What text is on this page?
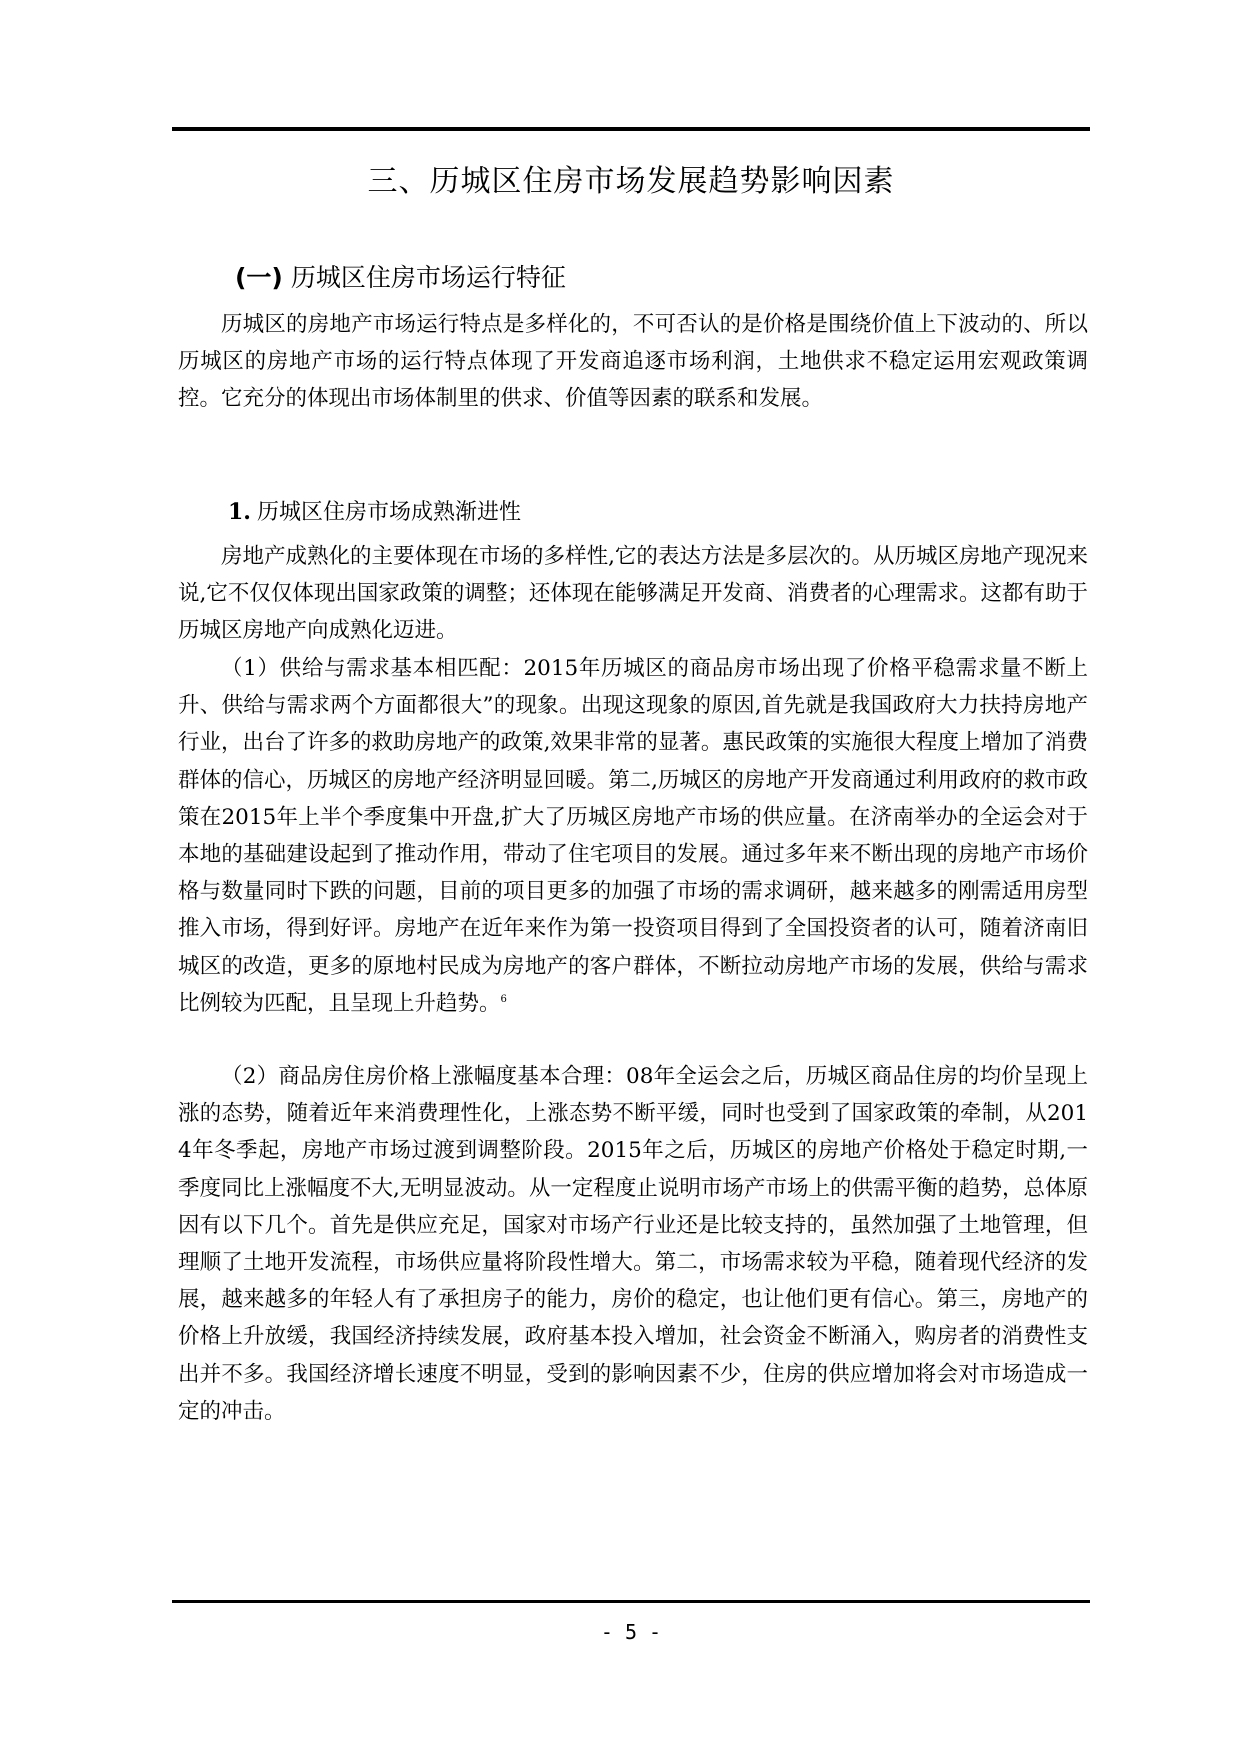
三、历城区住房市场发展趋势影响因素
(一) 历城区住房市场运行特征

历城区的房地产市场运行特点是多样化的，不可否认的是价格是围绕价值上下波动的、所以历城区的房地产市场的运行特点体现了开发商追逐市场利润，土地供求不稳定运用宏观政策调控。它充分的体现出市场体制里的供求、价值等因素的联系和发展。

1. 历城区住房市场成熟渐进性

房地产成熟化的主要体现在市场的多样性,它的表达方法是多层次的。从历城区房地产现况来说,它不仅仅体现出国家政策的调整；还体现在能够满足开发商、消费者的心理需求。这都有助于历城区房地产向成熟化迈进。

（1）供给与需求基本相匹配：2015年历城区的商品房市场出现了价格平稳需求量不断上升、供给与需求两个方面都很大”的现象。出现这现象的原因,首先就是我国政府大力扶持房地产行业，出台了许多的救助房地产的政策,效果非常的显著。惠民政策的实施很大程度上增加了消费群体的信心，历城区的房地产经济明显回暖。第二,历城区的房地产开发商通过利用政府的救市政策在2015年上半个季度集中开盘,扩大了历城区房地产市场的供应量。在济南举办的全运会对于本地的基础建设起到了推动作用，带动了住宅项目的发展。通过多年来不断出现的房地产市场价格与数量同时下跌的问题，目前的项目更多的加强了市场的需求调研，越来越多的刚需适用房型推入市场，得到好评。房地产在近年来作为第一投资项目得到了全国投资者的认可，随着济南旧城区的改造，更多的原地村民成为房地产的客户群体，不断拉动房地产市场的发展，供给与需求比例较为匹配，且呈现上升趋势。$^6$

（2）商品房住房价格上涨幅度基本合理：08年全运会之后，历城区商品住房的均价呈现上涨的态势，随着近年来消费理性化，上涨态势不断平缓，同时也受到了国家政策的牵制，从2014年冬季起，房地产市场过渡到调整阶段。2015年之后，历城区的房地产价格处于稳定时期,一季度同比上涨幅度不大,无明显波动。从一定程度止说明市场产市场上的供需平衡的趋势，总体原因有以下几个。首先是供应充足，国家对市场产行业还是比较支持的，虽然加强了土地管理，但理顺了土地开发流程，市场供应量将阶段性增大。第二，市场需求较为平稳，随着现代经济的发展，越来越多的年轻人有了承担房子的能力，房价的稳定，也让他们更有信心。第三，房地产的价格上升放缓，我国经济持续发展，政府基本投入增加，社会资金不断涌入，购房者的消费性支出并不多。我国经济增长速度不明显，受到的影响因素不少，住房的供应增加将会对市场造成一定的冲击。

- 5 -
